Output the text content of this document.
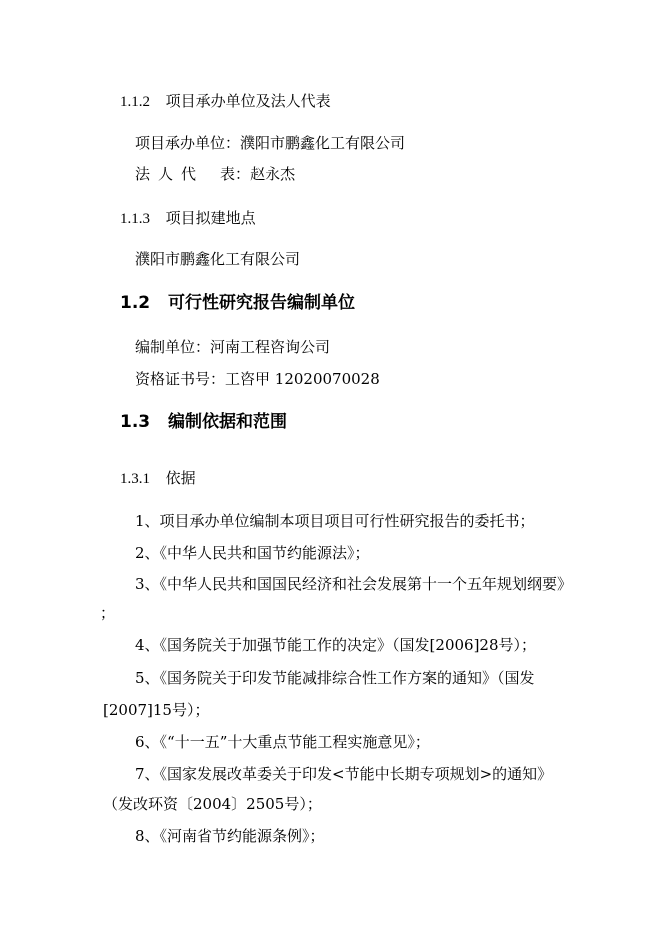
1.1.2 项目承办单位及法人代表
项目承办单位：濮阳市鹏鑫化工有限公司
法 人 代 表：赵永杰
1.1.3 项目拟建地点
濮阳市鹏鑫化工有限公司
1.2 可行性研究报告编制单位
编制单位：河南工程咨询公司
资格证书号：工咨甲 12020070028
1.3 编制依据和范围
1.3.1 依据
1、项目承办单位编制本项目项目可行性研究报告的委托书；
2、《中华人民共和国节约能源法》；
3、《中华人民共和国国民经济和社会发展第十一个五年规划纲要》
；
4、《国务院关于加强节能工作的决定》（国发[2006]28号）；
5、《国务院关于印发节能减排综合性工作方案的通知》（国发
[2007]15号）；
6、《“十一五”十大重点节能工程实施意见》；
7、《国家发展改革委关于印发<节能中长期专项规划>的通知》
（发改环资〔2004〕2505号）；
8、《河南省节约能源条例》；
